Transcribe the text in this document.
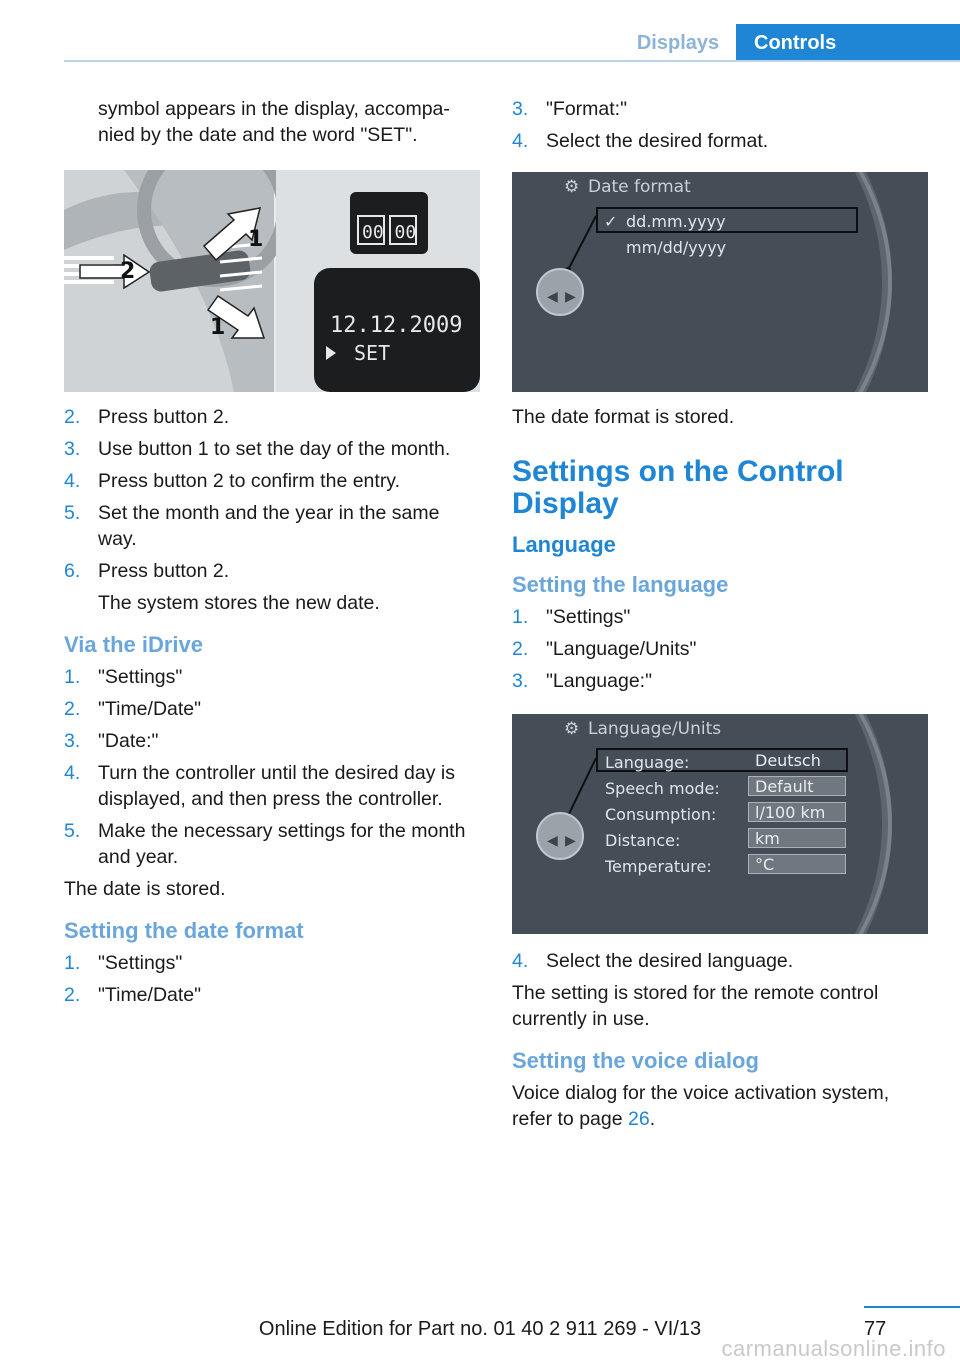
Displays	Controls

symbol appears in the display, accompa-

nied by the date and the word "SET".

2
1
1
00 00
12.12.2009
SET
2. Press button 2.
3. Use button 1 to set the day of the month.
4. Press button 2 to confirm the entry.
5. Set the month and the year in the same way.
6. Press button 2.

The system stores the new date.

Via the iDrive
1. "Settings"
2. "Time/Date"
3. "Date:"
4. Turn the controller until the desired day is displayed, and then press the controller.
5. Make the necessary settings for the month and year.

The date is stored.

Setting the date format
1. "Settings"
2. "Time/Date"
3. "Format:"
4. Select the desired format.
⚙ Date format
✓ dd.mm.yyyy
mm/dd/yyyy
◀ ▶

The date format is stored.

Settings on the Control Display
Language
Setting the language
1. "Settings"
2. "Language/Units"
3. "Language:"
⚙ Language/Units
Language:	Deutsch
Speech mode:	Default
Consumption:	l/100 km
Distance:	km
Temperature:	°C
◀ ▶
4. Select the desired language.

The setting is stored for the remote control currently in use.

Setting the voice dialog

Voice dialog for the voice activation system, refer to page 26.

77
Online Edition for Part no. 01 40 2 911 269 - VI/13
carmanualsonline.info
